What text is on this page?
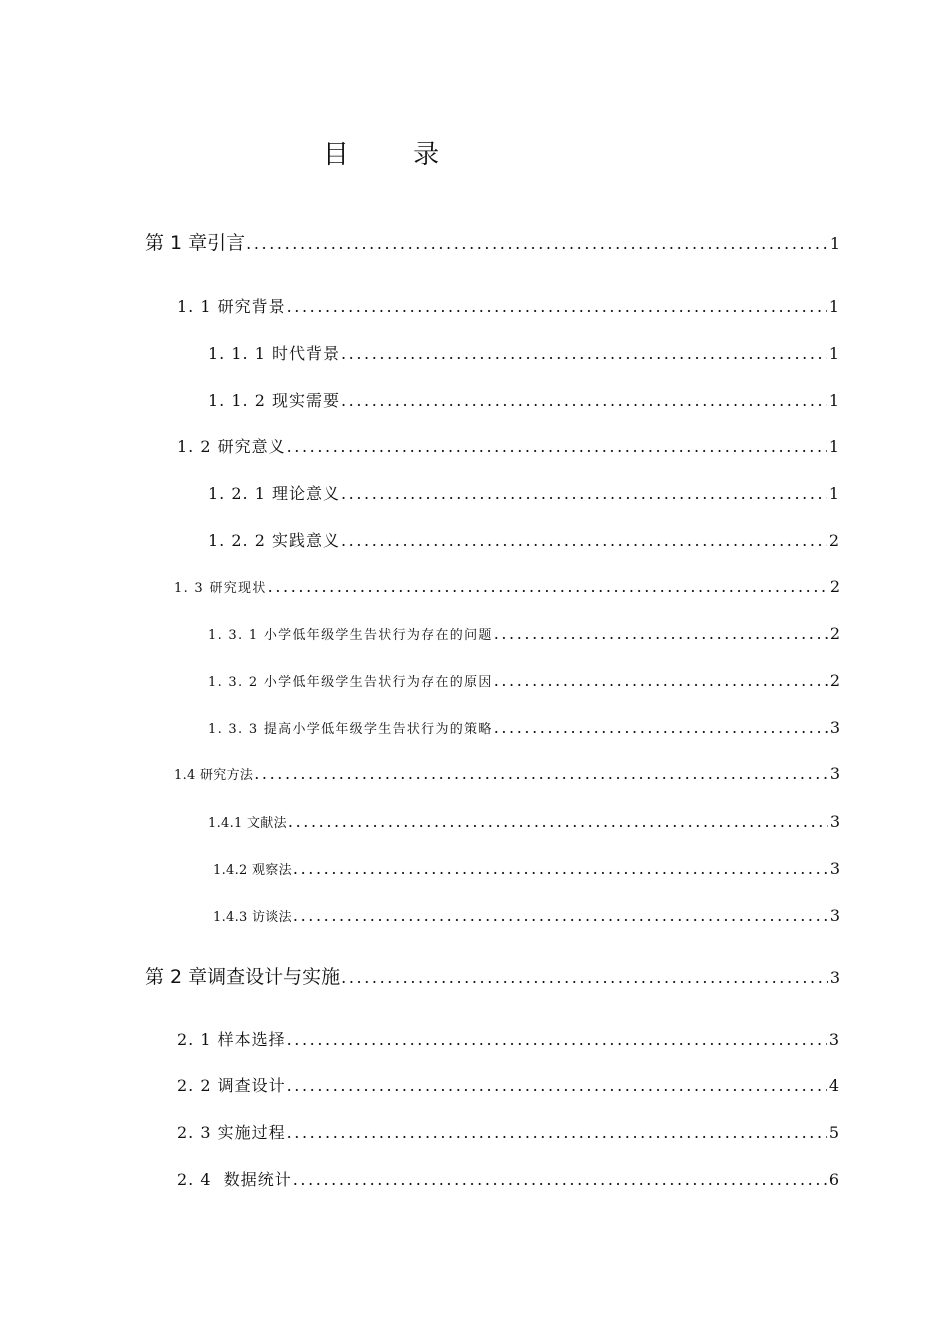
目 录
第 1 章引言 .....	1
1. 1 研究背景 .....	1
1. 1. 1 时代背景 .....	1
1. 1. 2 现实需要 .....	1
1. 2 研究意义 .....	1
1. 2. 1 理论意义 .....	1
1. 2. 2 实践意义 .....	2
1. 3 研究现状 .....	2
1. 3. 1 小学低年级学生告状行为存在的问题 .....	2
1. 3. 2 小学低年级学生告状行为存在的原因 .....	2
1. 3. 3 提高小学低年级学生告状行为的策略 .....	3
1.4 研究方法 .....	3
1.4.1 文献法 .....	3
1.4.2 观察法 .....	3
1.4.3 访谈法 .....	3
第 2 章调查设计与实施 .....	3
2. 1 样本选择 .....	3
2. 2 调查设计 .....	4
2. 3 实施过程 .....	5
2. 4  数据统计 .....	6
